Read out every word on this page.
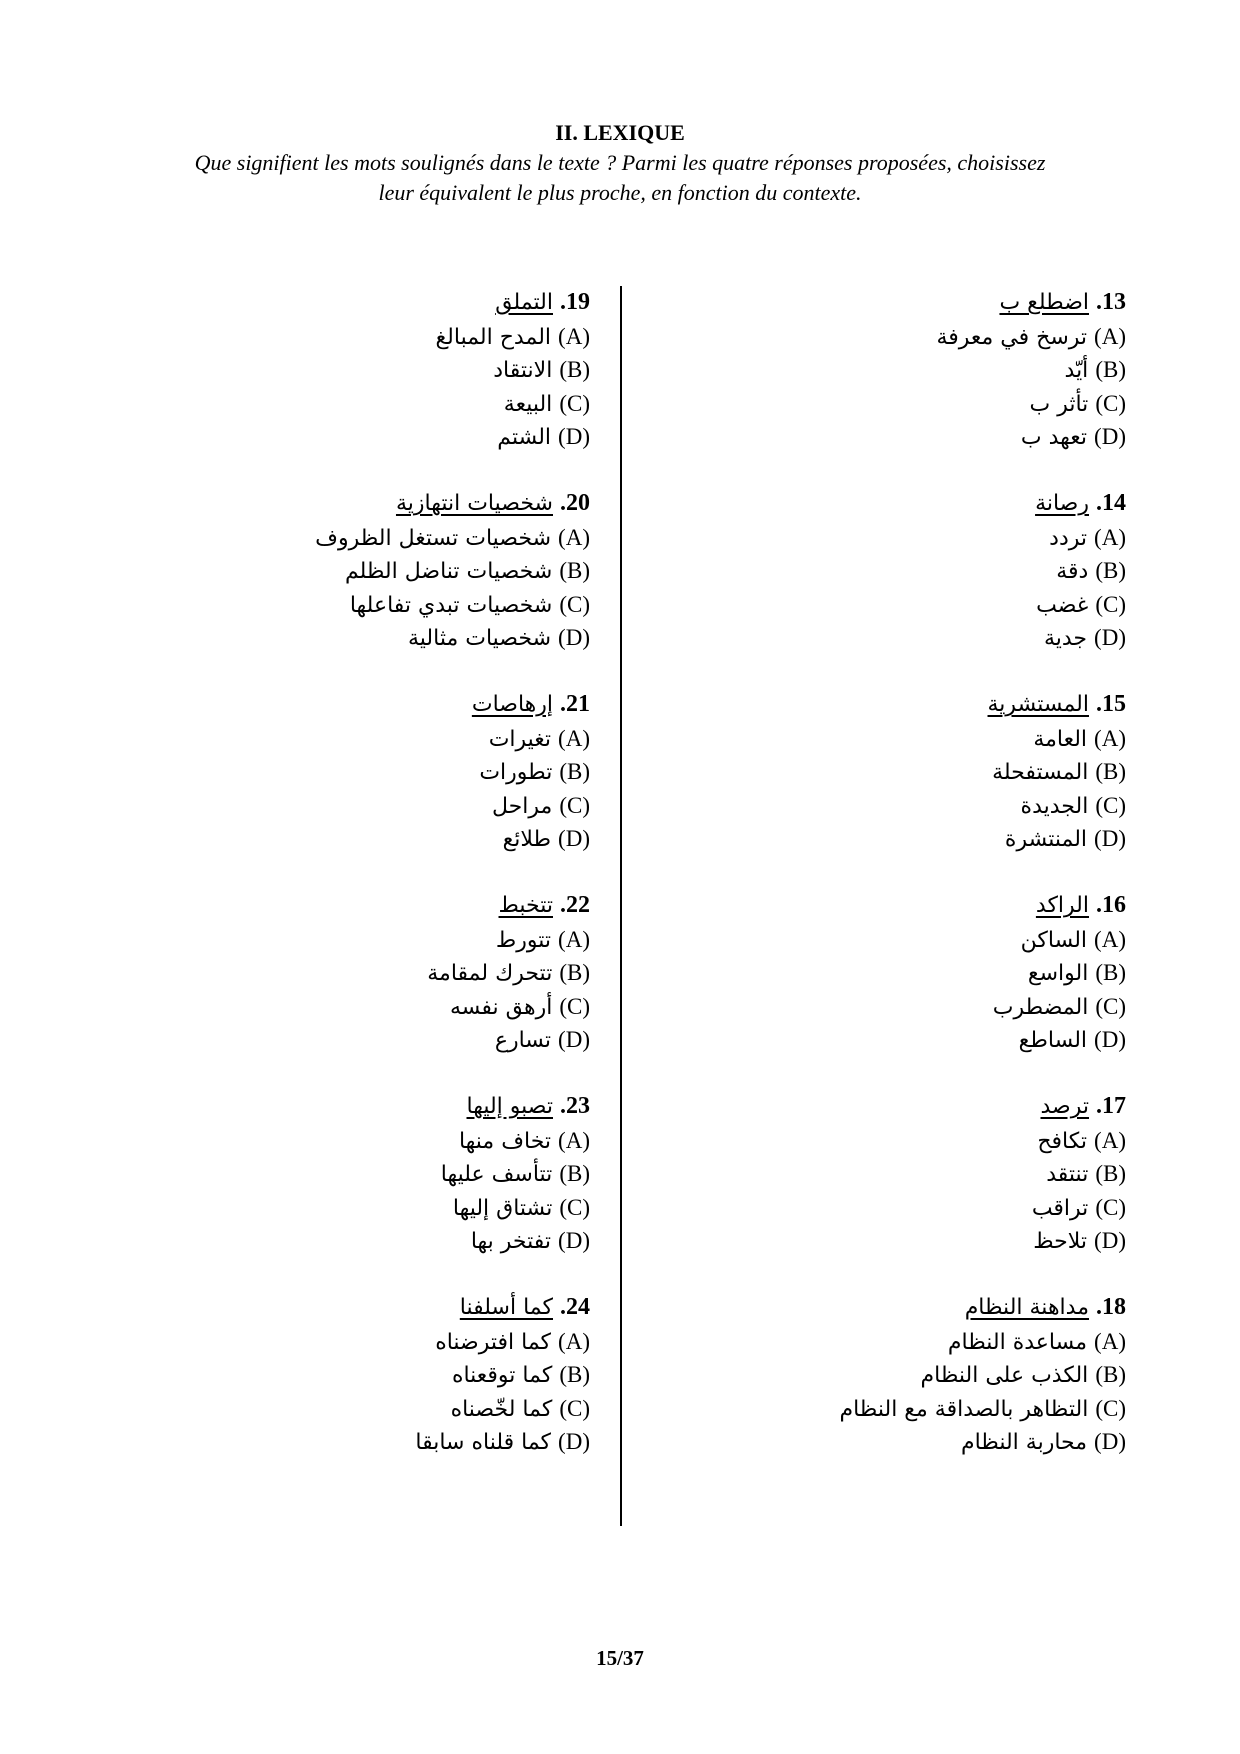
II. LEXIQUE

Que signifient les mots soulignés dans le texte ? Parmi les quatre réponses proposées, choisissez

leur équivalent le plus proche, en fonction du contexte.

13. اضطلع ب
(A) ترسخ في معرفة
(B) أيّد
(C) تأثر ب
(D) تعهد ب
14. رصانة
(A) تردد
(B) دقة
(C) غضب
(D) جدية
15. المستشرية
(A) العامة
(B) المستفحلة
(C) الجديدة
(D) المنتشرة
16. الراكد
(A) الساكن
(B) الواسع
(C) المضطرب
(D) الساطع
17. ترصد
(A) تكافح
(B) تنتقد
(C) تراقب
(D) تلاحظ
18. مداهنة النظام
(A) مساعدة النظام
(B) الكذب على النظام
(C) التظاهر بالصداقة مع النظام
(D) محاربة النظام
19. التملق
(A) المدح المبالغ
(B) الانتقاد
(C) البيعة
(D) الشتم
20. شخصيات انتهازية
(A) شخصيات تستغل الظروف
(B) شخصيات تناضل الظلم
(C) شخصيات تبدي تفاعلها
(D) شخصيات مثالية
21. إرهاصات
(A) تغيرات
(B) تطورات
(C) مراحل
(D) طلائع
22. تتخبط
(A) تتورط
(B) تتحرك لمقامة
(C) أرهق نفسه
(D) تسارع
23. تصبو إليها
(A) تخاف منها
(B) تتأسف عليها
(C) تشتاق إليها
(D) تفتخر بها
24. كما أسلفنا
(A) كما افترضناه
(B) كما توقعناه
(C) كما لخّصناه
(D) كما قلناه سابقا
15/37
